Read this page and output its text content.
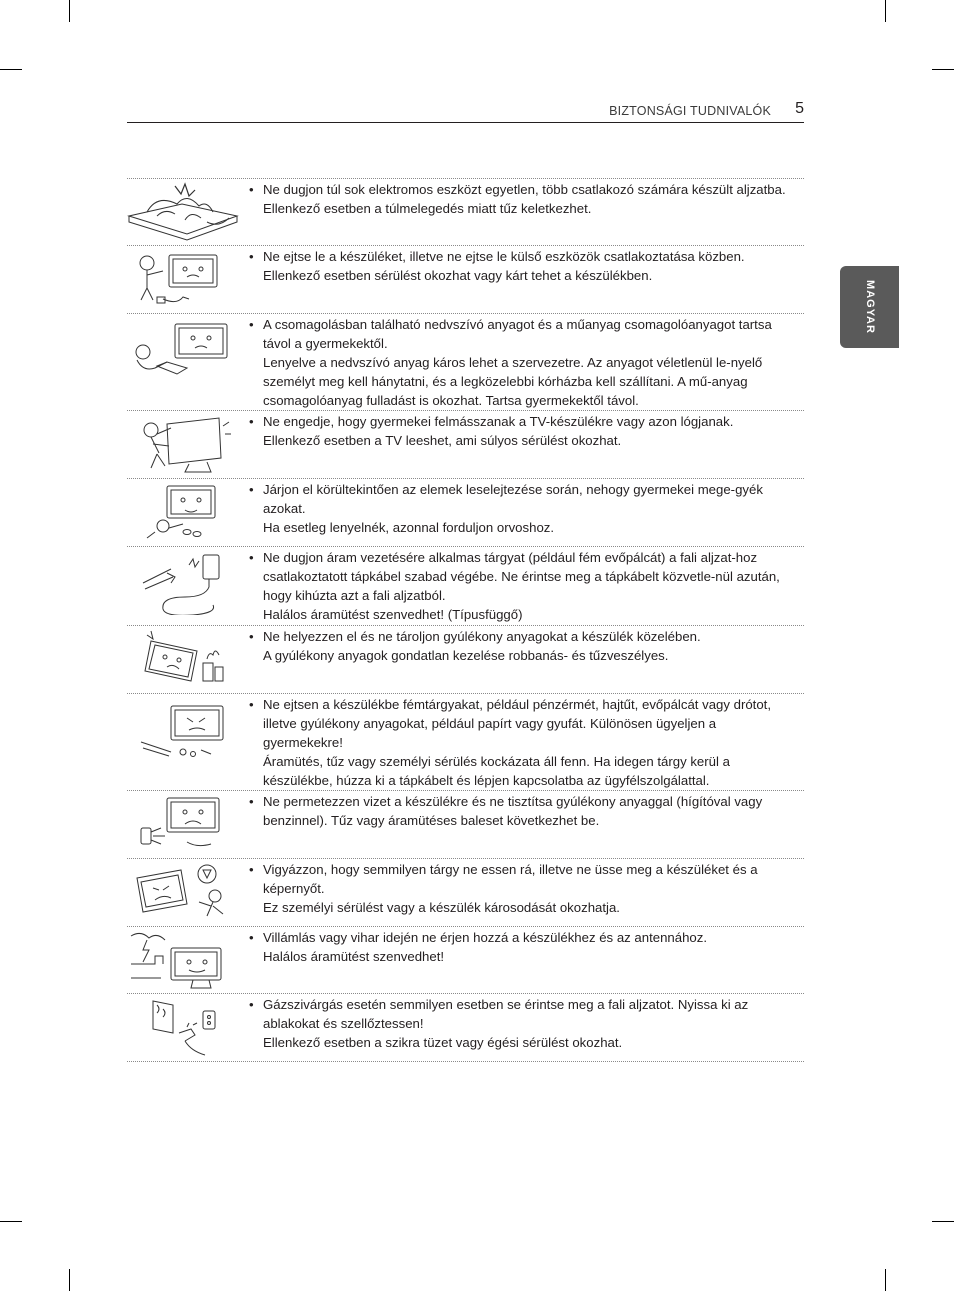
BIZTONSÁGI TUDNIVALÓK 5
MAGYAR
• Ne dugjon túl sok elektromos eszközt egyetlen, több csatlakozó számára készült aljzatba.

Ellenkező esetben a túlmelegedés miatt tűz keletkezhet.

• Ne ejtse le a készüléket, illetve ne ejtse le külső eszközök csatlakoztatása közben.

Ellenkező esetben sérülést okozhat vagy kárt tehet a készülékben.

• A csomagolásban található nedvszívó anyagot és a műanyag csomagolóanyagot tartsa távol a gyermekektől.

Lenyelve a nedvszívó anyag káros lehet a szervezetre. Az anyagot véletlenül le-nyelő személyt meg kell hánytatni, és a legközelebbi kórházba kell szállítani. A mű-anyag csomagolóanyag fulladást is okozhat. Tartsa gyermekektől távol.

• Ne engedje, hogy gyermekei felmásszanak a TV-készülékre vagy azon lógjanak.

Ellenkező esetben a TV leeshet, ami súlyos sérülést okozhat.

• Járjon el körültekintően az elemek leselejtezése során, nehogy gyermekei mege-gyék azokat.

Ha esetleg lenyelnék, azonnal forduljon orvoshoz.

• Ne dugjon áram vezetésére alkalmas tárgyat (például fém evőpálcát) a fali aljzat-hoz csatlakoztatott tápkábel szabad végébe. Ne érintse meg a tápkábelt közvetle-nül azután, hogy kihúzta azt a fali aljzatból.

Halálos áramütést szenvedhet! (Típusfüggő)

• Ne helyezzen el és ne tároljon gyúlékony anyagokat a készülék közelében.

A gyúlékony anyagok gondatlan kezelése robbanás- és tűzveszélyes.

• Ne ejtsen a készülékbe fémtárgyakat, például pénzérmét, hajtűt, evőpálcát vagy drótot, illetve gyúlékony anyagokat, például papírt vagy gyufát. Különösen ügyeljen a gyermekekre!

Áramütés, tűz vagy személyi sérülés kockázata áll fenn. Ha idegen tárgy kerül a készülékbe, húzza ki a tápkábelt és lépjen kapcsolatba az ügyfélszolgálattal.

• Ne permetezzen vizet a készülékre és ne tisztítsa gyúlékony anyaggal (hígítóval vagy benzinnel). Tűz vagy áramütéses baleset következhet be.

• Vigyázzon, hogy semmilyen tárgy ne essen rá, illetve ne üsse meg a készüléket és a képernyőt.

Ez személyi sérülést vagy a készülék károsodását okozhatja.

• Villámlás vagy vihar idején ne érjen hozzá a készülékhez és az antennához.

Halálos áramütést szenvedhet!

• Gázszivárgás esetén semmilyen esetben se érintse meg a fali aljzatot. Nyissa ki az ablakokat és szellőztessen!

Ellenkező esetben a szikra tüzet vagy égési sérülést okozhat.
